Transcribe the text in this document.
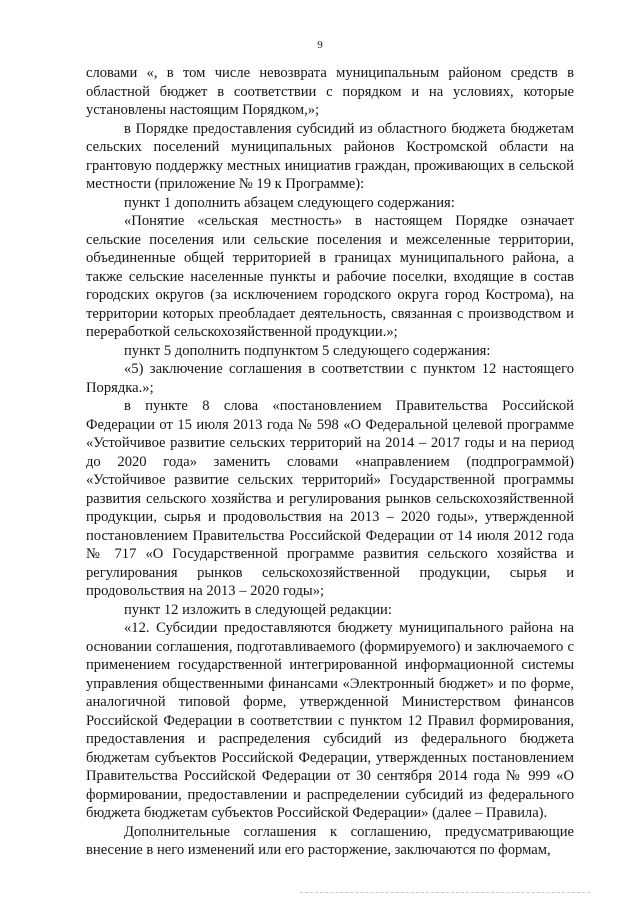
9

словами «, в том числе невозврата муниципальным районом средств в областной бюджет в соответствии с порядком и на условиях, которые установлены настоящим Порядком,»;

в Порядке предоставления субсидий из областного бюджета бюджетам сельских поселений муниципальных районов Костромской области на грантовую поддержку местных инициатив граждан, проживающих в сельской местности (приложение № 19 к Программе):

пункт 1 дополнить абзацем следующего содержания:

«Понятие «сельская местность» в настоящем Порядке означает сельские поселения или сельские поселения и межселенные территории, объединенные общей территорией в границах муниципального района, а также сельские населенные пункты и рабочие поселки, входящие в состав городских округов (за исключением городского округа город Кострома), на территории которых преобладает деятельность, связанная с производством и переработкой сельскохозяйственной продукции.»;

пункт 5 дополнить подпунктом 5 следующего содержания:

«5) заключение соглашения в соответствии с пунктом 12 настоящего Порядка.»;

в пункте 8 слова «постановлением Правительства Российской Федерации от 15 июля 2013 года № 598 «О Федеральной целевой программе «Устойчивое развитие сельских территорий на 2014 – 2017 годы и на период до 2020 года» заменить словами «направлением (подпрограммой) «Устойчивое развитие сельских территорий» Государственной программы развития сельского хозяйства и регулирования рынков сельскохозяйственной продукции, сырья и продовольствия на 2013 – 2020 годы», утвержденной постановлением Правительства Российской Федерации от 14 июля 2012 года № 717 «О Государственной программе развития сельского хозяйства и регулирования рынков сельскохозяйственной продукции, сырья и продовольствия на 2013 – 2020 годы»;

пункт 12 изложить в следующей редакции:

«12. Субсидии предоставляются бюджету муниципального района на основании соглашения, подготавливаемого (формируемого) и заключаемого с применением государственной интегрированной информационной системы управления общественными финансами «Электронный бюджет» и по форме, аналогичной типовой форме, утвержденной Министерством финансов Российской Федерации в соответствии с пунктом 12 Правил формирования, предоставления и распределения субсидий из федерального бюджета бюджетам субъектов Российской Федерации, утвержденных постановлением Правительства Российской Федерации от 30 сентября 2014 года № 999 «О формировании, предоставлении и распределении субсидий из федерального бюджета бюджетам субъектов Российской Федерации» (далее – Правила).

Дополнительные соглашения к соглашению, предусматривающие внесение в него изменений или его расторжение, заключаются по формам,
